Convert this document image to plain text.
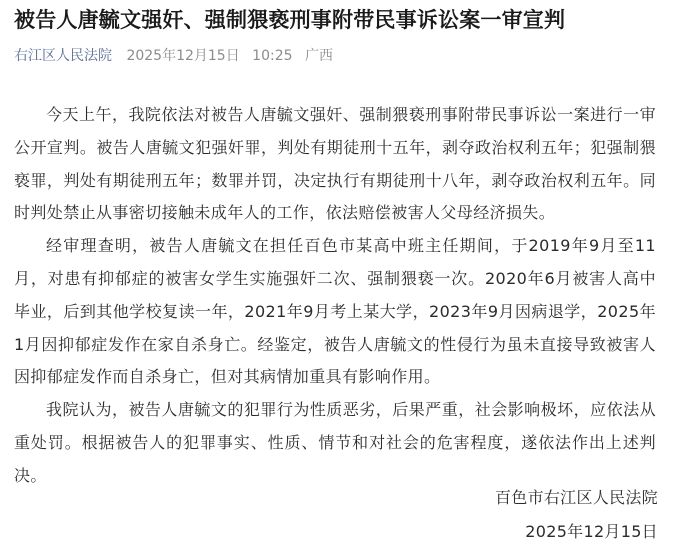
被告人唐毓文强奸、强制猥亵刑事附带民事诉讼案一审宣判
右江区人民法院 2025年12月15日 10:25 广西

今天上午，我院依法对被告人唐毓文强奸、强制猥亵刑事附带民事诉讼一案进行一审公开宣判。被告人唐毓文犯强奸罪，判处有期徒刑十五年，剥夺政治权利五年；犯强制猥亵罪，判处有期徒刑五年；数罪并罚，决定执行有期徒刑十八年，剥夺政治权利五年。同时判处禁止从事密切接触未成年人的工作，依法赔偿被害人父母经济损失。

经审理查明，被告人唐毓文在担任百色市某高中班主任期间，于2019年9月至11月，对患有抑郁症的被害女学生实施强奸二次、强制猥亵一次。2020年6月被害人高中毕业，后到其他学校复读一年，2021年9月考上某大学，2023年9月因病退学，2025年1月因抑郁症发作在家自杀身亡。经鉴定，被告人唐毓文的性侵行为虽未直接导致被害人因抑郁症发作而自杀身亡，但对其病情加重具有影响作用。

我院认为，被告人唐毓文的犯罪行为性质恶劣，后果严重，社会影响极坏，应依法从重处罚。根据被告人的犯罪事实、性质、情节和对社会的危害程度，遂依法作出上述判决。

百色市右江区人民法院
2025年12月15日
